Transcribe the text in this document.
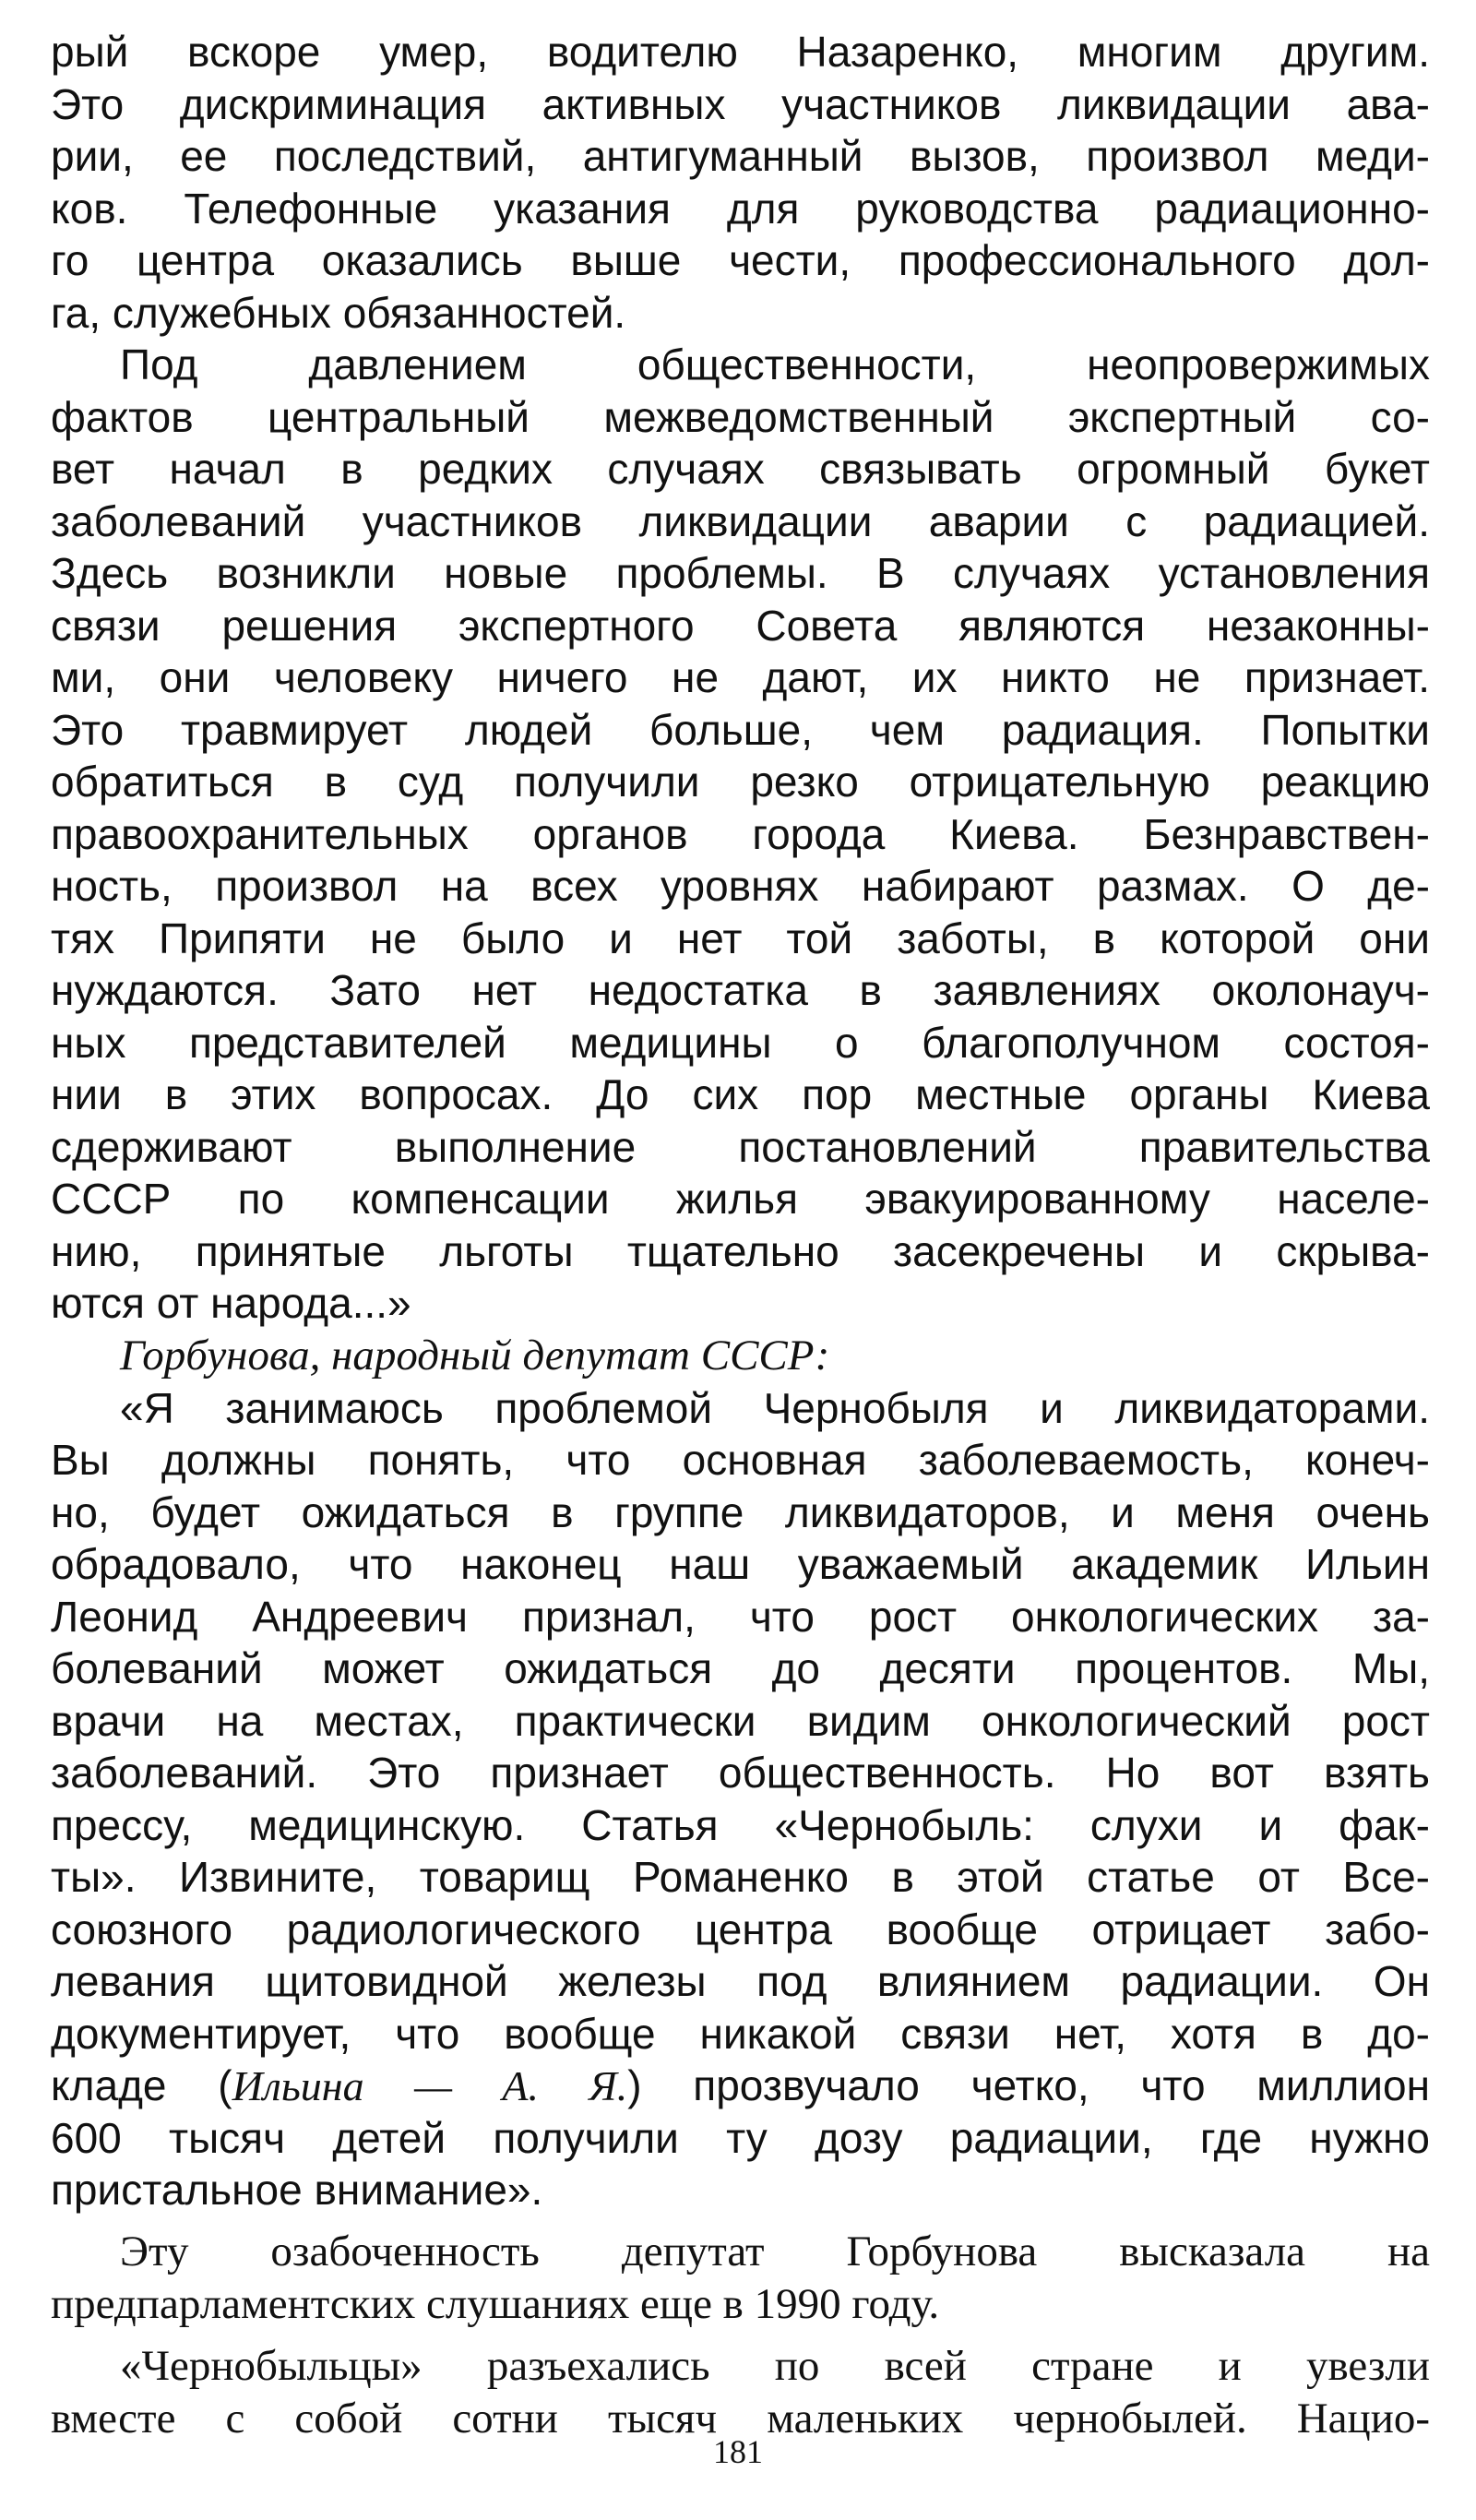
рый вскоре умер, водителю Назаренко, многим другим.
Это дискриминация активных участников ликвидации ава-
рии, ее последствий, антигуманный вызов, произвол меди-
ков. Телефонные указания для руководства радиационно-
го центра оказались выше чести, профессионального дол-
га, служебных обязанностей.
Под давлением общественности, неопровержимых
фактов центральный межведомственный экспертный со-
вет начал в редких случаях связывать огромный букет
заболеваний участников ликвидации аварии с радиацией.
Здесь возникли новые проблемы. В случаях установления
связи решения экспертного Совета являются незаконны-
ми, они человеку ничего не дают, их никто не признает.
Это травмирует людей больше, чем радиация. Попытки
обратиться в суд получили резко отрицательную реакцию
правоохранительных органов города Киева. Безнравствен-
ность, произвол на всех уровнях набирают размах. О де-
тях Припяти не было и нет той заботы, в которой они
нуждаются. Зато нет недостатка в заявлениях околонауч-
ных представителей медицины о благополучном состоя-
нии в этих вопросах. До сих пор местные органы Киева
сдерживают выполнение постановлений правительства
СССР по компенсации жилья эвакуированному населе-
нию, принятые льготы тщательно засекречены и скрыва-
ются от народа...»
Горбунова, народный депутат СССР:
«Я занимаюсь проблемой Чернобыля и ликвидаторами.
Вы должны понять, что основная заболеваемость, конеч-
но, будет ожидаться в группе ликвидаторов, и меня очень
обрадовало, что наконец наш уважаемый академик Ильин
Леонид Андреевич признал, что рост онкологических за-
болеваний может ожидаться до десяти процентов. Мы,
врачи на местах, практически видим онкологический рост
заболеваний. Это признает общественность. Но вот взять
прессу, медицинскую. Статья «Чернобыль: слухи и фак-
ты». Извините, товарищ Романенко в этой статье от Все-
союзного радиологического центра вообще отрицает забо-
левания щитовидной железы под влиянием радиации. Он
документирует, что вообще никакой связи нет, хотя в до-
кладе (Ильина — А. Я.) прозвучало четко, что миллион
600 тысяч детей получили ту дозу радиации, где нужно
пристальное внимание».
Эту озабоченность депутат Горбунова высказала на
предпарламентских слушаниях еще в 1990 году.
«Чернобыльцы» разъехались по всей стране и увезли
вместе с собой сотни тысяч маленьких чернобылей. Нацио-
181
